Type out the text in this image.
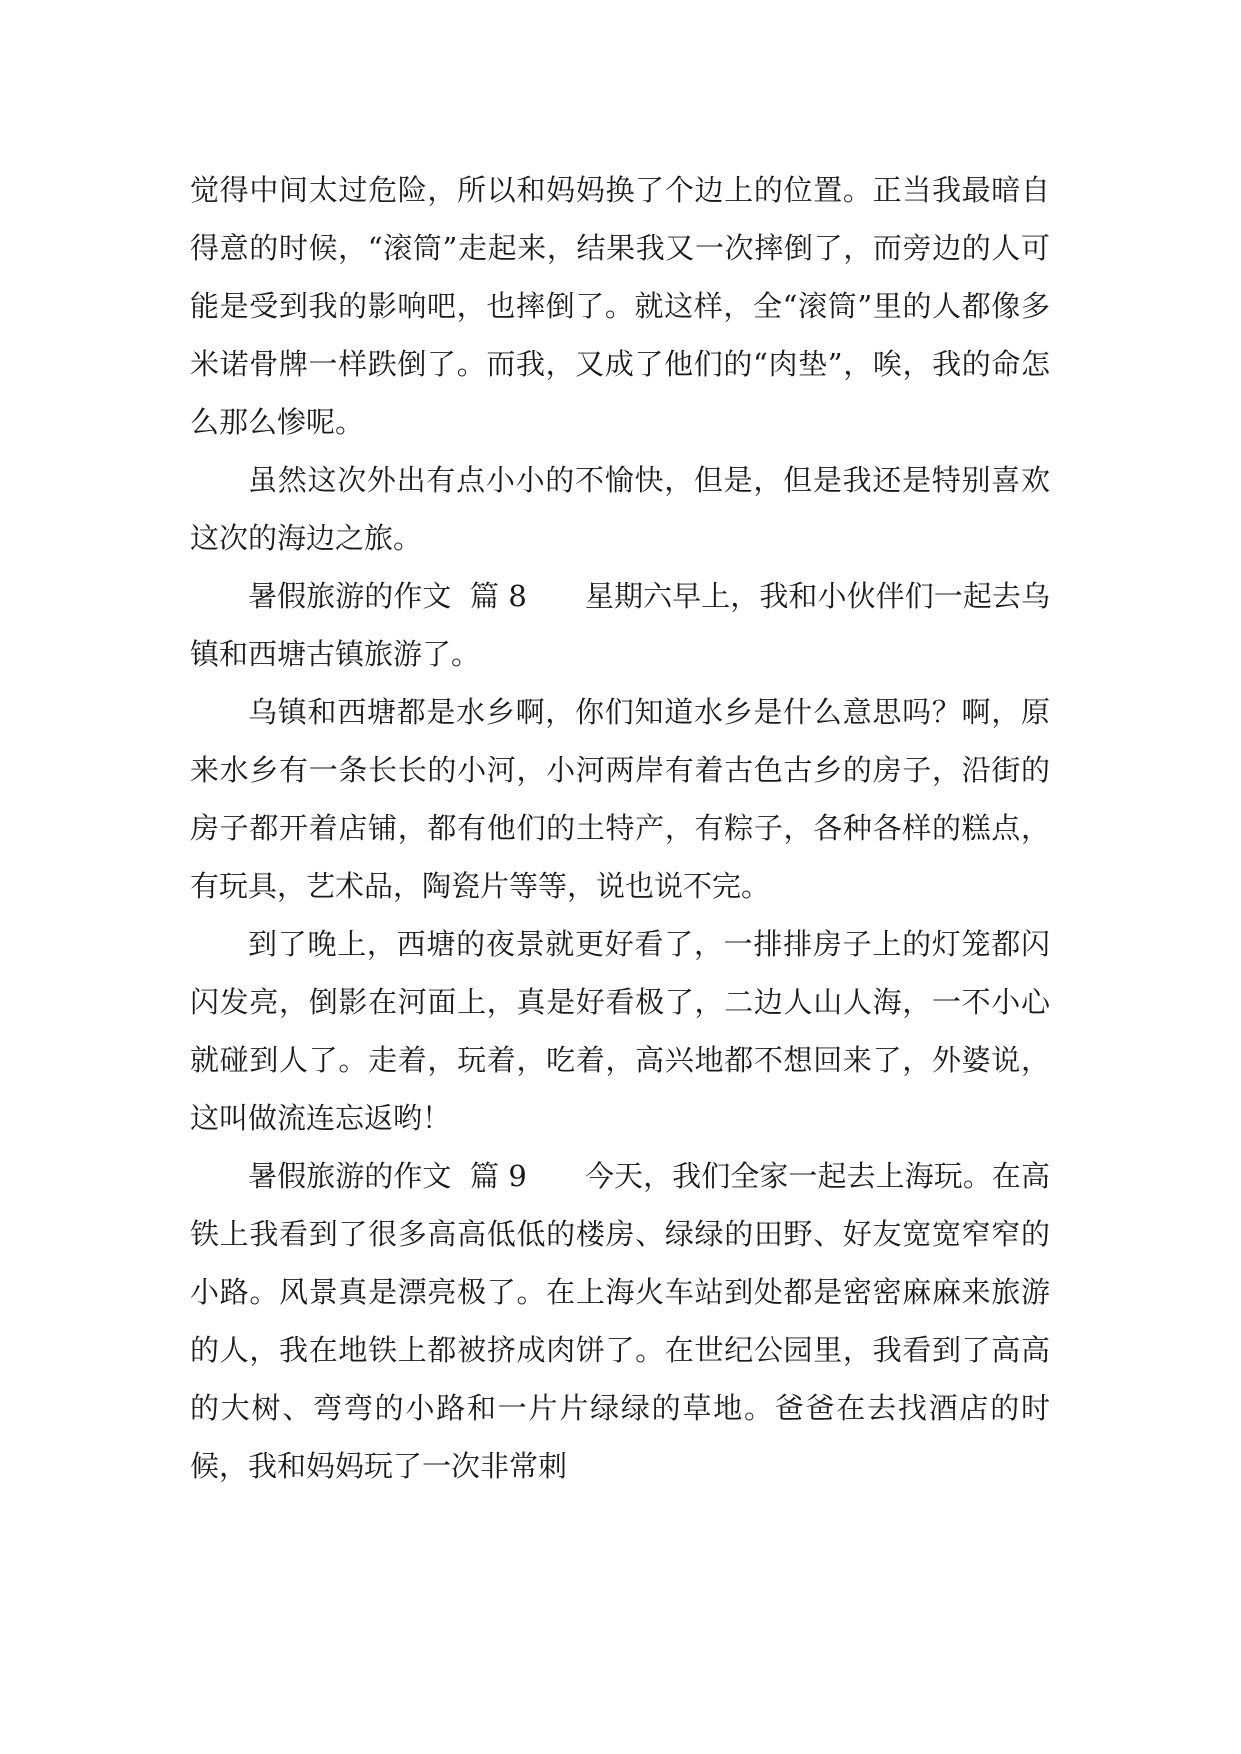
觉得中间太过危险，所以和妈妈换了个边上的位置。正当我最暗自得意的时候，“滚筒”走起来，结果我又一次摔倒了，而旁边的人可能是受到我的影响吧，也摔倒了。就这样，全“滚筒”里的人都像多米诺骨牌一样跌倒了。而我，又成了他们的“肉垫”，唉，我的命怎么那么惨呢。

虽然这次外出有点小小的不愉快，但是，但是我还是特别喜欢这次的海边之旅。

暑假旅游的作文  篇 8   星期六早上，我和小伙伴们一起去乌镇和西塘古镇旅游了。

乌镇和西塘都是水乡啊，你们知道水乡是什么意思吗？啊，原来水乡有一条长长的小河，小河两岸有着古色古乡的房子，沿街的房子都开着店铺，都有他们的土特产，有粽子，各种各样的糕点，有玩具，艺术品，陶瓷片等等，说也说不完。

到了晚上，西塘的夜景就更好看了，一排排房子上的灯笼都闪闪发亮，倒影在河面上，真是好看极了，二边人山人海，一不小心就碰到人了。走着，玩着，吃着，高兴地都不想回来了，外婆说，这叫做流连忘返哟！

暑假旅游的作文  篇 9   今天，我们全家一起去上海玩。在高铁上我看到了很多高高低低的楼房、绿绿的田野、好友宽宽窄窄的小路。风景真是漂亮极了。在上海火车站到处都是密密麻麻来旅游的人，我在地铁上都被挤成肉饼了。在世纪公园里，我看到了高高的大树、弯弯的小路和一片片绿绿的草地。爸爸在去找酒店的时候，我和妈妈玩了一次非常刺
